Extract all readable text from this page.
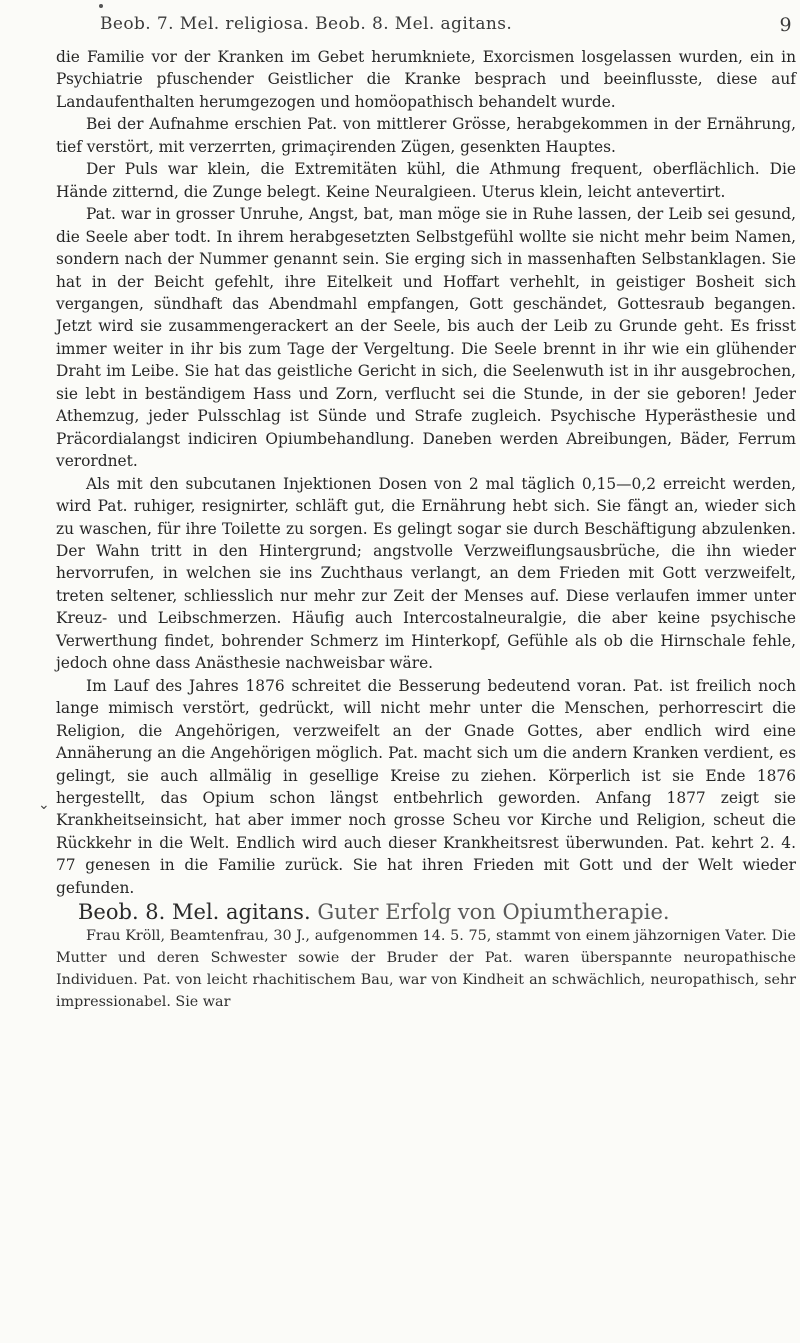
Beob. 7. Mel. religiosa. Beob. 8. Mel. agitans.	9
⌄

die Familie vor der Kranken im Gebet herumkniete, Exorcismen losgelassen wurden, ein in Psychiatrie pfuschender Geistlicher die Kranke besprach und beeinflusste, diese auf Landaufenthalten herumgezogen und homöopathisch behandelt wurde.

Bei der Aufnahme erschien Pat. von mittlerer Grösse, herabgekommen in der Ernährung, tief verstört, mit verzerrten, grimaçirenden Zügen, gesenkten Hauptes.

Der Puls war klein, die Extremitäten kühl, die Athmung frequent, oberflächlich. Die Hände zitternd, die Zunge belegt. Keine Neuralgieen. Uterus klein, leicht antevertirt.

Pat. war in grosser Unruhe, Angst, bat, man möge sie in Ruhe lassen, der Leib sei gesund, die Seele aber todt. In ihrem herabgesetzten Selbstgefühl wollte sie nicht mehr beim Namen, sondern nach der Nummer genannt sein. Sie erging sich in massenhaften Selbstanklagen. Sie hat in der Beicht gefehlt, ihre Eitelkeit und Hoffart verhehlt, in geistiger Bosheit sich vergangen, sündhaft das Abendmahl empfangen, Gott geschändet, Gottesraub begangen. Jetzt wird sie zusammengerackert an der Seele, bis auch der Leib zu Grunde geht. Es frisst immer weiter in ihr bis zum Tage der Vergeltung. Die Seele brennt in ihr wie ein glühender Draht im Leibe. Sie hat das geistliche Gericht in sich, die Seelenwuth ist in ihr ausgebrochen, sie lebt in beständigem Hass und Zorn, verflucht sei die Stunde, in der sie geboren! Jeder Athemzug, jeder Pulsschlag ist Sünde und Strafe zugleich. Psychische Hyperästhesie und Präcordialangst indiciren Opiumbehandlung. Daneben werden Abreibungen, Bäder, Ferrum verordnet.

Als mit den subcutanen Injektionen Dosen von 2 mal täglich 0,15—0,2 erreicht werden, wird Pat. ruhiger, resignirter, schläft gut, die Ernährung hebt sich. Sie fängt an, wieder sich zu waschen, für ihre Toilette zu sorgen. Es gelingt sogar sie durch Beschäftigung abzulenken. Der Wahn tritt in den Hintergrund; angstvolle Verzweiflungsausbrüche, die ihn wieder hervorrufen, in welchen sie ins Zuchthaus verlangt, an dem Frieden mit Gott verzweifelt, treten seltener, schliesslich nur mehr zur Zeit der Menses auf. Diese verlaufen immer unter Kreuz- und Leibschmerzen. Häufig auch Intercostalneuralgie, die aber keine psychische Verwerthung findet, bohrender Schmerz im Hinterkopf, Gefühle als ob die Hirnschale fehle, jedoch ohne dass Anästhesie nachweisbar wäre.

Im Lauf des Jahres 1876 schreitet die Besserung bedeutend voran. Pat. ist freilich noch lange mimisch verstört, gedrückt, will nicht mehr unter die Menschen, perhorrescirt die Religion, die Angehörigen, verzweifelt an der Gnade Gottes, aber endlich wird eine Annäherung an die Angehörigen möglich. Pat. macht sich um die andern Kranken verdient, es gelingt, sie auch allmälig in gesellige Kreise zu ziehen. Körperlich ist sie Ende 1876 hergestellt, das Opium schon längst entbehrlich geworden. Anfang 1877 zeigt sie Krankheitseinsicht, hat aber immer noch grosse Scheu vor Kirche und Religion, scheut die Rückkehr in die Welt. Endlich wird auch dieser Krankheitsrest überwunden. Pat. kehrt 2. 4. 77 genesen in die Familie zurück. Sie hat ihren Frieden mit Gott und der Welt wieder gefunden.

Beob. 8. Mel. agitans. Guter Erfolg von Opiumtherapie.

Frau Kröll, Beamtenfrau, 30 J., aufgenommen 14. 5. 75, stammt von einem jähzornigen Vater. Die Mutter und deren Schwester sowie der Bruder der Pat. waren überspannte neuropathische Individuen. Pat. von leicht rhachitischem Bau, war von Kindheit an schwächlich, neuropathisch, sehr impressionabel. Sie war
